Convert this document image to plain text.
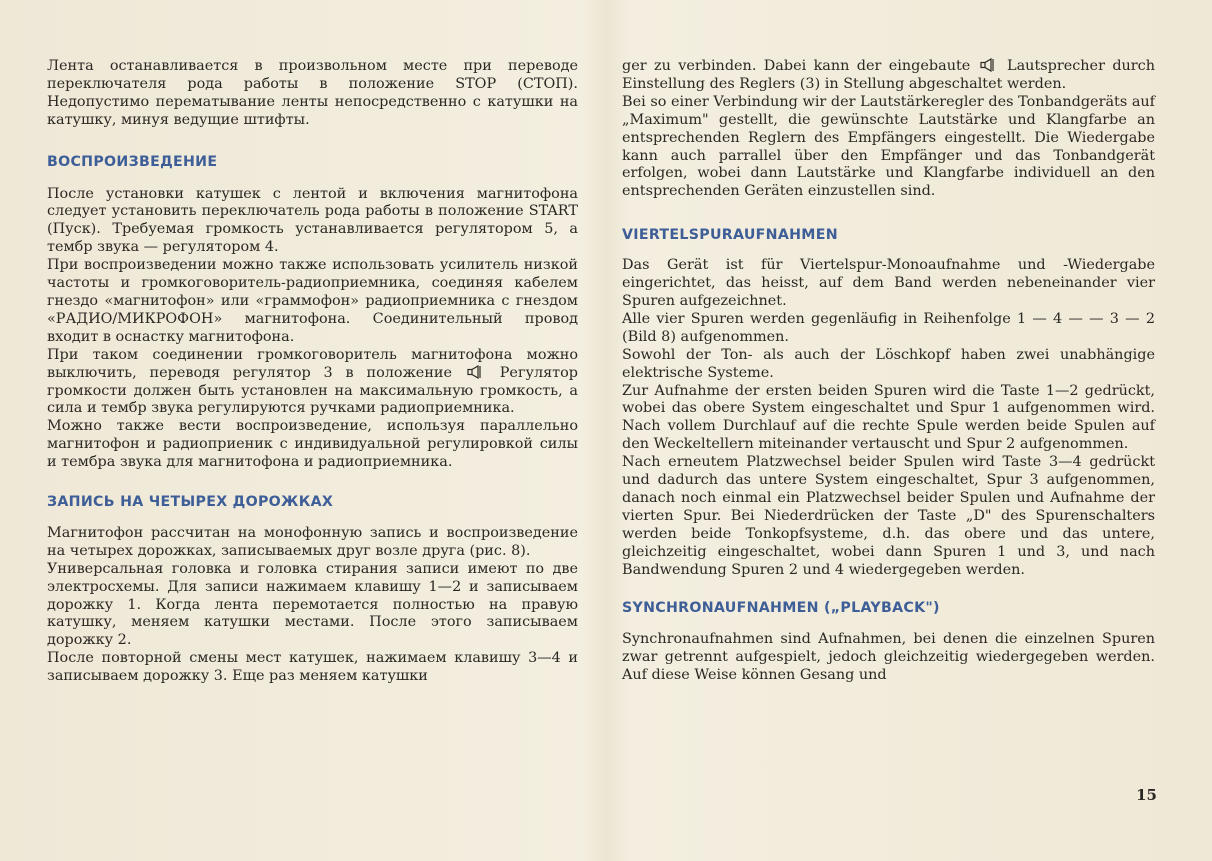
Лента останавливается в произвольном месте при переводе переключателя рода работы в положение STOP (СТОП). Недопустимо перематывание ленты непосредственно с катушки на катушку, минуя ведущие штифты.

ВОСПРОИЗВЕДЕНИЕ

После установки катушек с лентой и включения магнитофона следует установить переключатель рода работы в положение START (Пуск). Требуемая громкость устанавливается регулятором 5, а тембр звука — регулятором 4.

При воспроизведении можно также использовать усилитель низкой частоты и громкоговоритель-радиоприемника, соединяя кабелем гнездо «магнитофон» или «граммофон» радиоприемника с гнездом «РАДИО/МИКРОФОН» магнитофона. Соединительный провод входит в оснастку магнитофона.

При таком соединении громкоговоритель магнитофона можно выключить, переводя регулятор 3 в положение	Регулятор громкости должен быть установлен на максимальную громкость, а сила и тембр звука регулируются ручками радиоприемника.

Можно также вести воспроизведение, используя параллельно магнитофон и радиоприеник с индивидуальной регулировкой силы и тембра звука для магнитофона и радиоприемника.

ЗАПИСЬ НА ЧЕТЫРЕХ ДОРОЖКАХ

Магнитофон рассчитан на монофонную запись и воспроизведение на четырех дорожках, записываемых друг возле друга (рис. 8).

Универсальная головка и головка стирания записи имеют по две электросхемы. Для записи нажимаем клавишу 1—2 и записываем дорожку 1. Когда лента перемотается полностью на правую катушку, меняем катушки местами. После этого записываем дорожку 2.

После повторной смены мест катушек, нажимаем клавишу 3—4 и записываем дорожку 3. Еще раз меняем катушки

ger zu verbinden. Dabei kann der eingebaute	Lautsprecher durch Einstellung des Reglers (3) in Stellung abgeschaltet werden.

Bei so einer Verbindung wir der Lautstärkeregler des Tonbandgeräts auf „Maximum" gestellt, die gewünschte Lautstärke und Klangfarbe an entsprechenden Reglern des Empfängers eingestellt. Die Wiedergabe kann auch parrallel über den Empfänger und das Tonbandgerät erfolgen, wobei dann Lautstärke und Klangfarbe individuell an den entsprechenden Geräten einzustellen sind.

VIERTELSPURAUFNAHMEN

Das Gerät ist für Viertelspur-Monoaufnahme und -Wiedergabe eingerichtet, das heisst, auf dem Band werden nebeneinander vier Spuren aufgezeichnet.

Alle vier Spuren werden gegenläufig in Reihenfolge 1 — 4 — — 3 — 2 (Bild 8) aufgenommen.

Sowohl der Ton- als auch der Löschkopf haben zwei unabhängige elektrische Systeme.

Zur Aufnahme der ersten beiden Spuren wird die Taste 1—2 gedrückt, wobei das obere System eingeschaltet und Spur 1 aufgenommen wird. Nach vollem Durchlauf auf die rechte Spule werden beide Spulen auf den Weckeltellern miteinander vertauscht und Spur 2 aufgenommen.

Nach erneutem Platzwechsel beider Spulen wird Taste 3—4 gedrückt und dadurch das untere System eingeschaltet, Spur 3 aufgenommen, danach noch einmal ein Platzwechsel beider Spulen und Aufnahme der vierten Spur. Bei Niederdrücken der Taste „D" des Spurenschalters werden beide Tonkopfsysteme, d.h. das obere und das untere, gleichzeitig eingeschaltet, wobei dann Spuren 1 und 3, und nach Bandwendung Spuren 2 und 4 wiedergegeben werden.

SYNCHRONAUFNAHMEN („PLAYBACK")

Synchronaufnahmen sind Aufnahmen, bei denen die einzelnen Spuren zwar getrennt aufgespielt, jedoch gleichzeitig wiedergegeben werden. Auf diese Weise können Gesang und

15
